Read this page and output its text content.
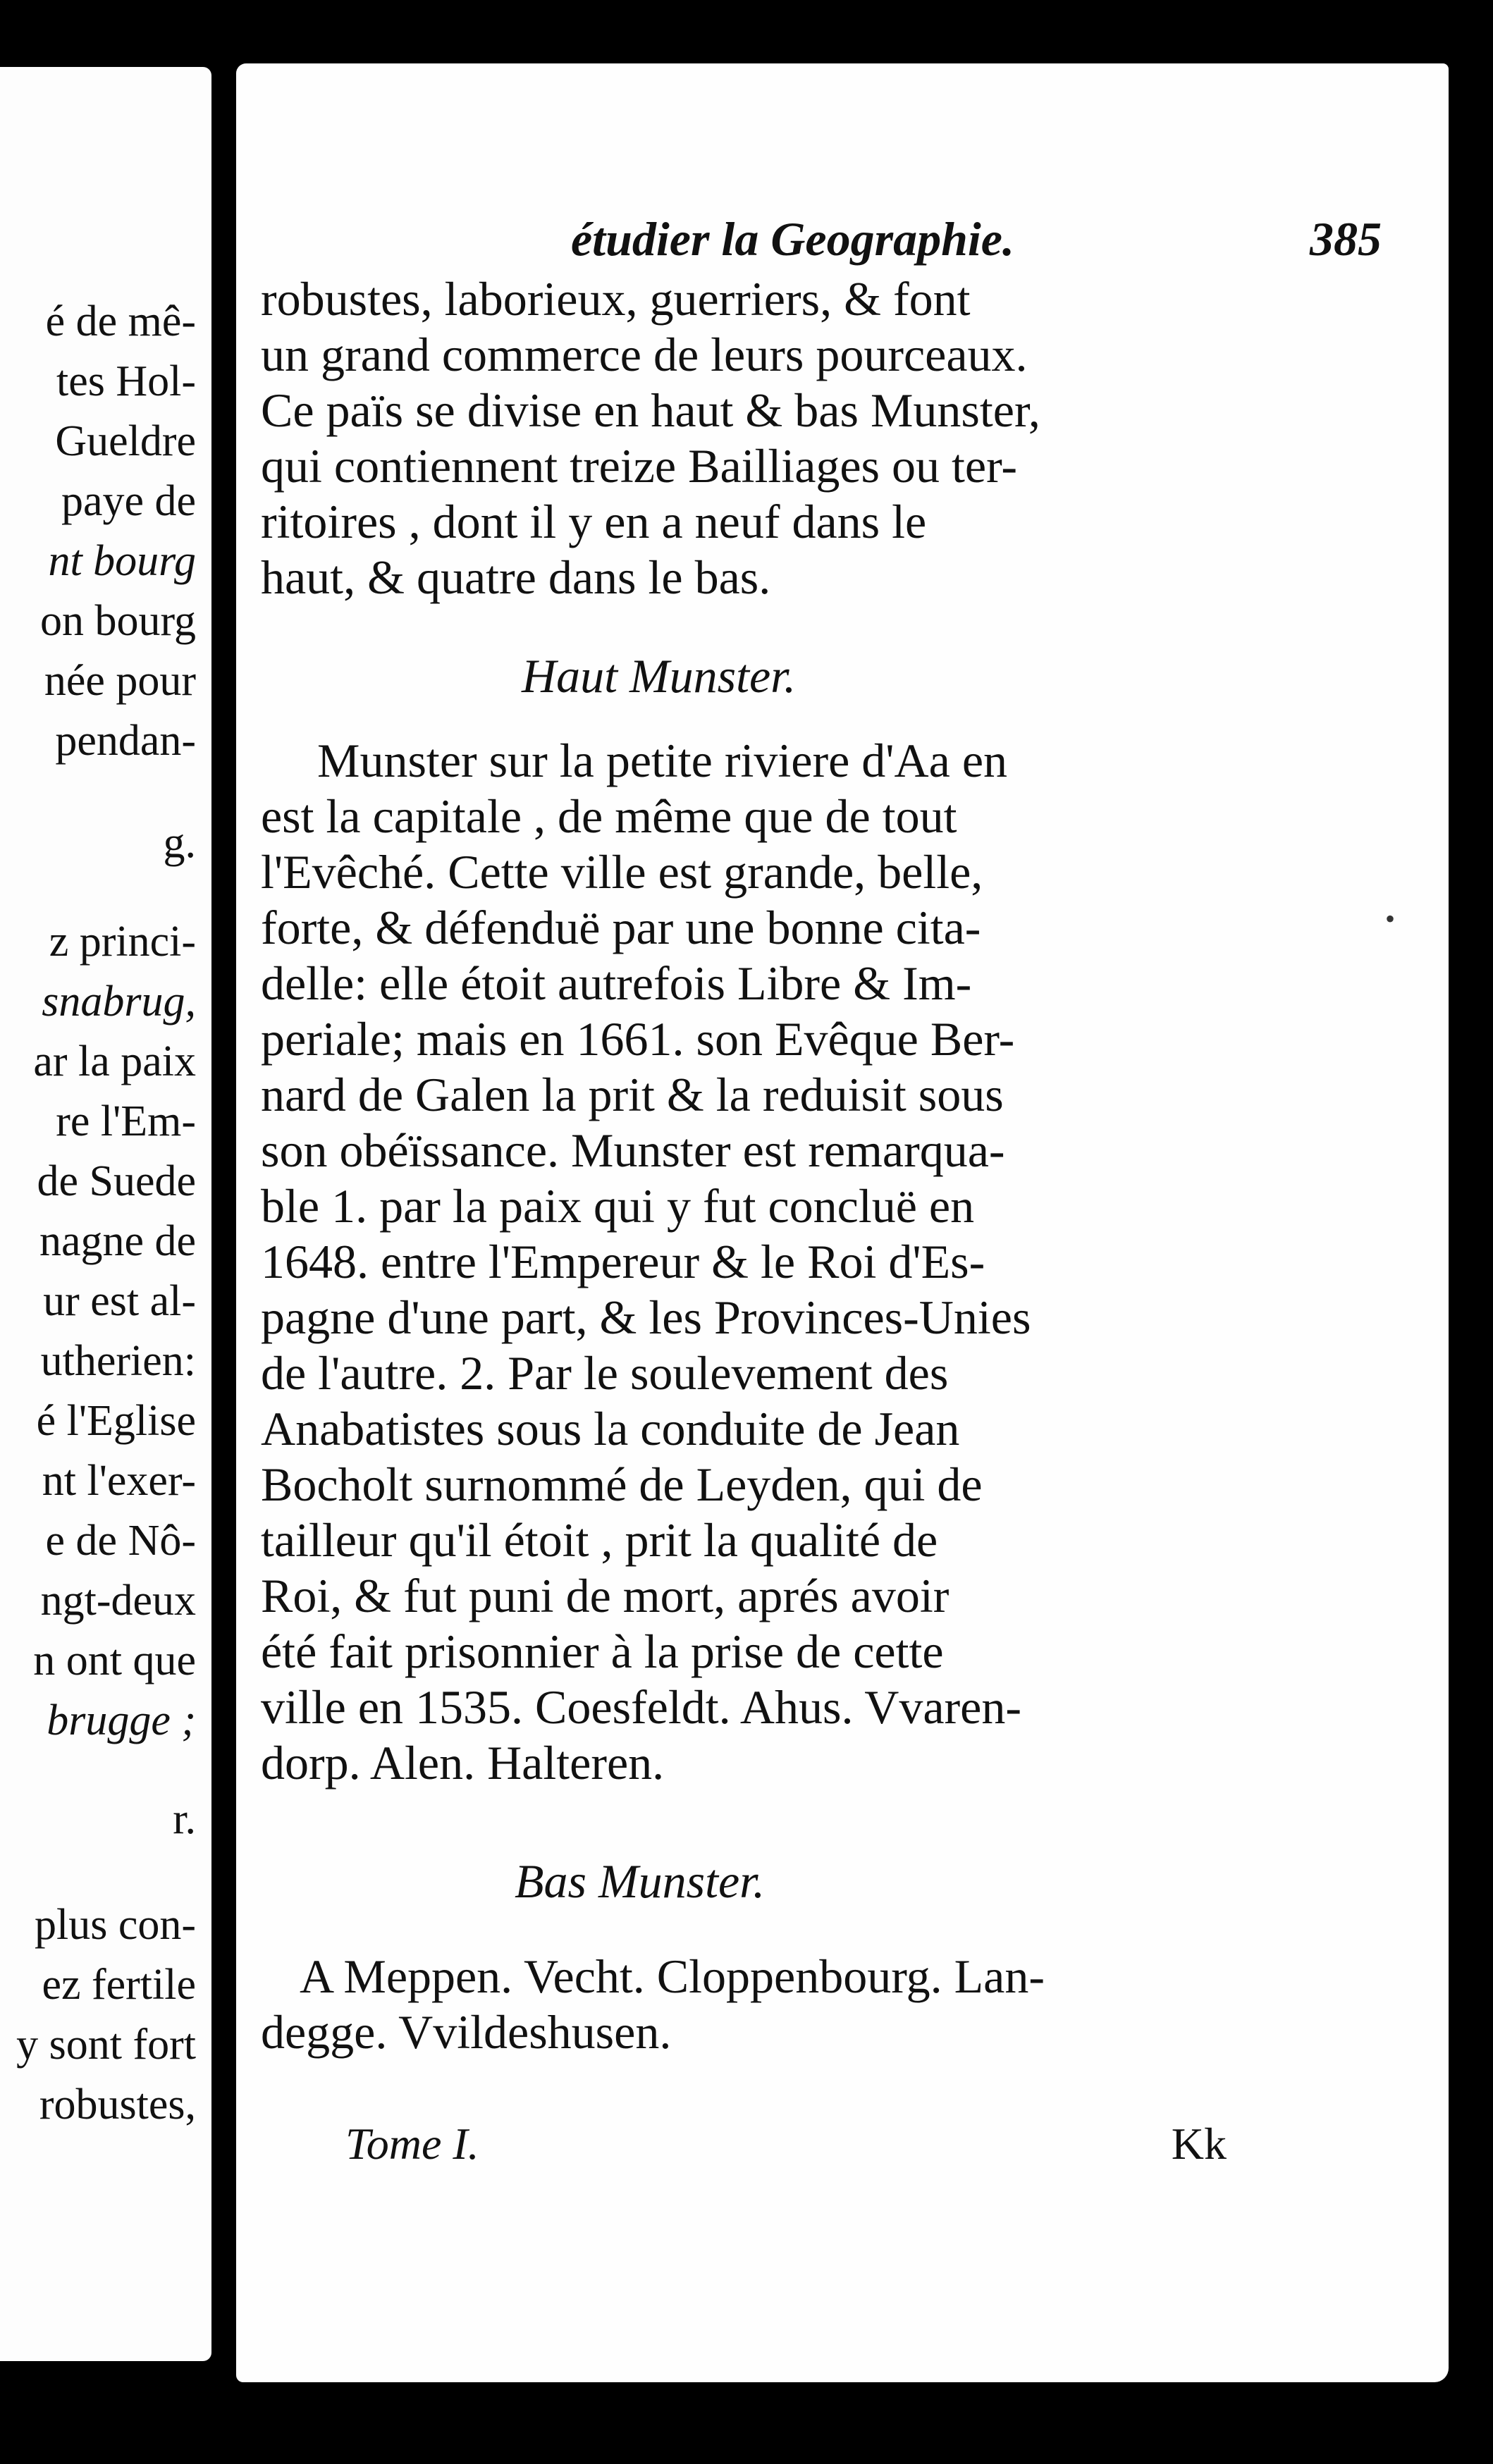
é de mê-
tes Hol-
Gueldre
paye de
nt bourg
on bourg
née pour
pendan-
g.
z princi-
snabrug,
ar la paix
re l'Em-
de Suede
nagne de
ur est al-
utherien:
é l'Eglise
nt l'exer-
e de Nô-
ngt-deux
n ont que
brugge ;
r.
plus con-
ez fertile
y sont fort
robustes,
étudier la Geographie.	385
robustes, laborieux, guerriers, & font
un grand commerce de leurs pourceaux.
Ce païs se divise en haut & bas Munster,
qui contiennent treize Bailliages ou ter-
ritoires , dont il y en a neuf dans le
haut, & quatre dans le bas.
Haut Munster.
Munster sur la petite riviere d'Aa en
est la capitale , de même que de tout
l'Evêché. Cette ville est grande, belle,
forte, & défenduë par une bonne cita-
delle: elle étoit autrefois Libre & Im-
periale; mais en 1661. son Evêque Ber-
nard de Galen la prit & la reduisit sous
son obéïssance. Munster est remarqua-
ble 1. par la paix qui y fut concluë en
1648. entre l'Empereur & le Roi d'Es-
pagne d'une part, & les Provinces-Unies
de l'autre. 2. Par le soulevement des
Anabatistes sous la conduite de Jean
Bocholt surnommé de Leyden, qui de
tailleur qu'il étoit , prit la qualité de
Roi, & fut puni de mort, aprés avoir
été fait prisonnier à la prise de cette
ville en 1535. Coesfeldt. Ahus. Vvaren-
dorp. Alen. Halteren.
Bas Munster.
A Meppen. Vecht. Cloppenbourg. Lan-
degge. Vvildeshusen.
Tome I.	Kk
•
